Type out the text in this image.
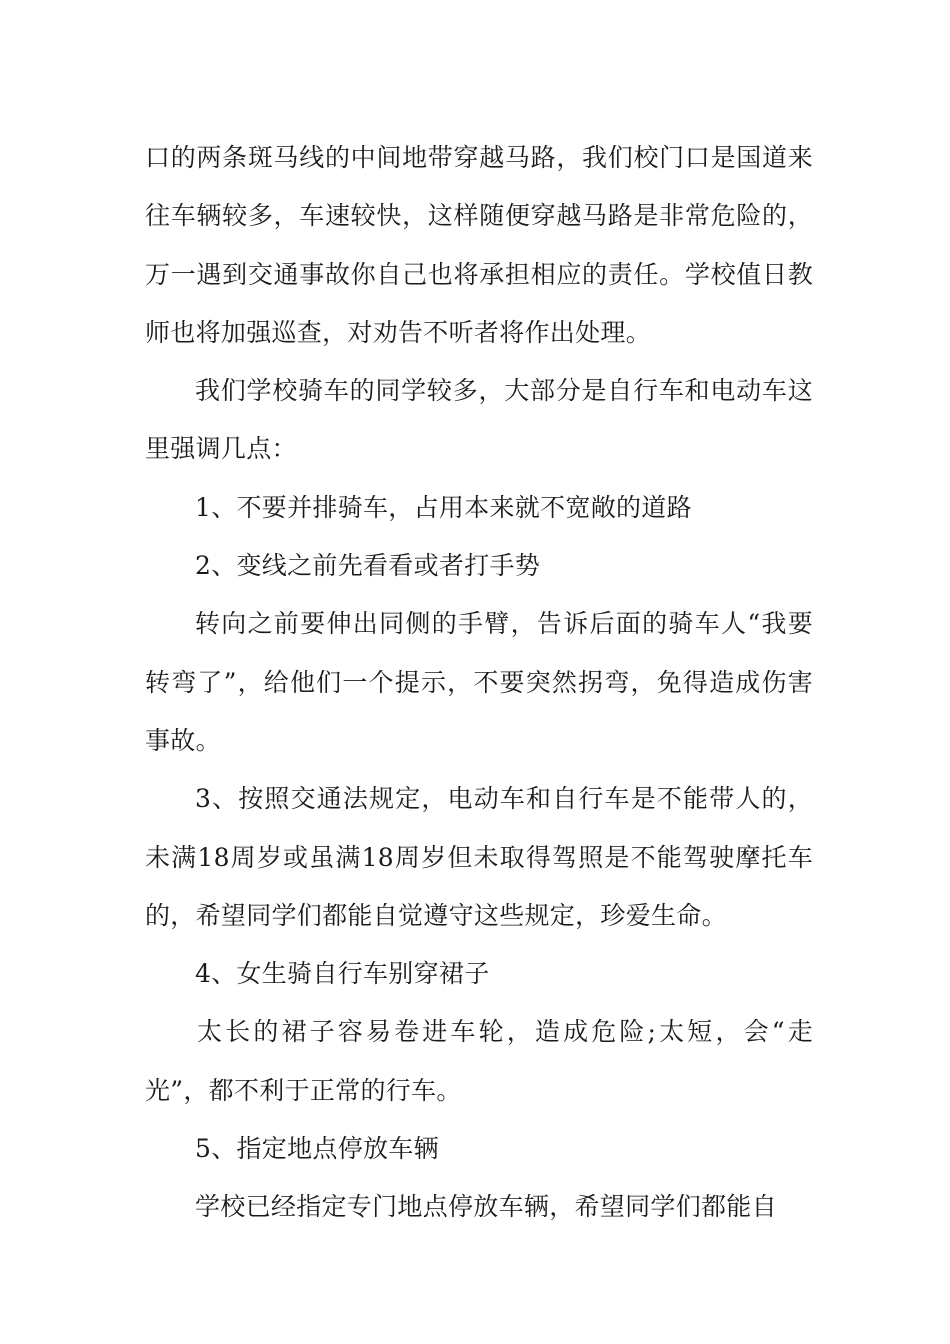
口的两条斑马线的中间地带穿越马路，我们校门口是国道来往车辆较多，车速较快，这样随便穿越马路是非常危险的，万一遇到交通事故你自己也将承担相应的责任。学校值日教师也将加强巡查，对劝告不听者将作出处理。

我们学校骑车的同学较多，大部分是自行车和电动车这里强调几点：

1、不要并排骑车，占用本来就不宽敞的道路

2、变线之前先看看或者打手势

转向之前要伸出同侧的手臂，告诉后面的骑车人“我要转弯了”，给他们一个提示，不要突然拐弯，免得造成伤害事故。

3、按照交通法规定，电动车和自行车是不能带人的，未满18周岁或虽满18周岁但未取得驾照是不能驾驶摩托车的，希望同学们都能自觉遵守这些规定，珍爱生命。

4、女生骑自行车别穿裙子

太长的裙子容易卷进车轮，造成危险;太短，会“走光”，都不利于正常的行车。

5、指定地点停放车辆

学校已经指定专门地点停放车辆，希望同学们都能自
